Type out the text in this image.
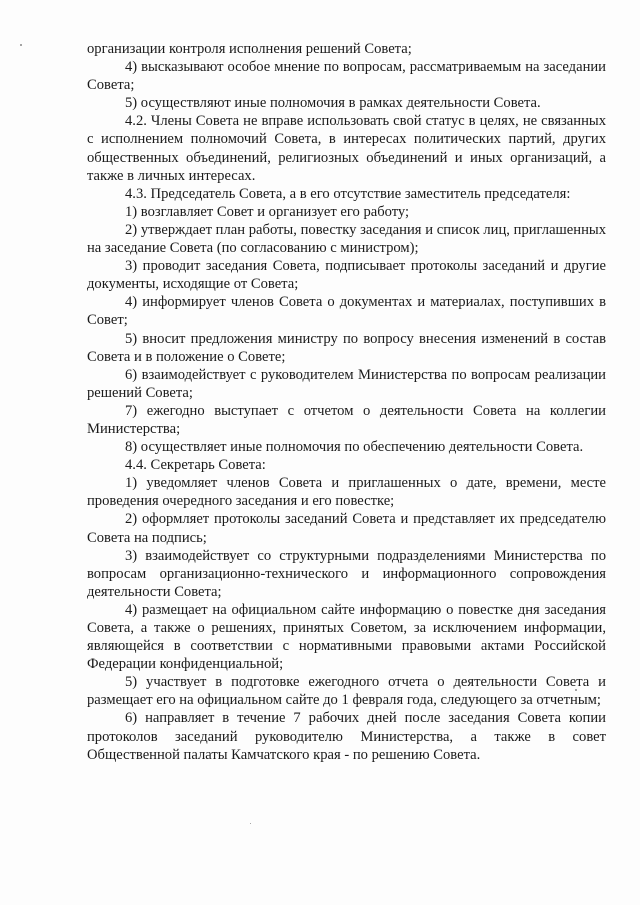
организации контроля исполнения решений Совета;

4) высказывают особое мнение по вопросам, рассматриваемым на заседании Совета;

5) осуществляют иные полномочия в рамках деятельности Совета.

4.2. Члены Совета не вправе использовать свой статус в целях, не связанных с исполнением полномочий Совета, в интересах политических партий, других общественных объединений, религиозных объединений и иных организаций, а также в личных интересах.

4.3. Председатель Совета, а в его отсутствие заместитель председателя:

1) возглавляет Совет и организует его работу;

2) утверждает план работы, повестку заседания и список лиц, приглашенных на заседание Совета (по согласованию с министром);

3) проводит заседания Совета, подписывает протоколы заседаний и другие документы, исходящие от Совета;

4) информирует членов Совета о документах и материалах, поступивших в Совет;

5) вносит предложения министру по вопросу внесения изменений в состав Совета и в положение о Совете;

6) взаимодействует с руководителем Министерства по вопросам реализации решений Совета;

7) ежегодно выступает с отчетом о деятельности Совета на коллегии Министерства;

8) осуществляет иные полномочия по обеспечению деятельности Совета.

4.4. Секретарь Совета:

1) уведомляет членов Совета и приглашенных о дате, времени, месте проведения очередного заседания и его повестке;

2) оформляет протоколы заседаний Совета и представляет их председателю Совета на подпись;

3) взаимодействует со структурными подразделениями Министерства по вопросам организационно-технического и информационного сопровождения деятельности Совета;

4) размещает на официальном сайте информацию о повестке дня заседания Совета, а также о решениях, принятых Советом, за исключением информации, являющейся в соответствии с нормативными правовыми актами Российской Федерации конфиденциальной;

5) участвует в подготовке ежегодного отчета о деятельности Совета и размещает его на официальном сайте до 1 февраля года, следующего за отчетным;

6) направляет в течение 7 рабочих дней после заседания Совета копии протоколов заседаний руководителю Министерства, а также в совет Общественной палаты Камчатского края - по решению Совета.
